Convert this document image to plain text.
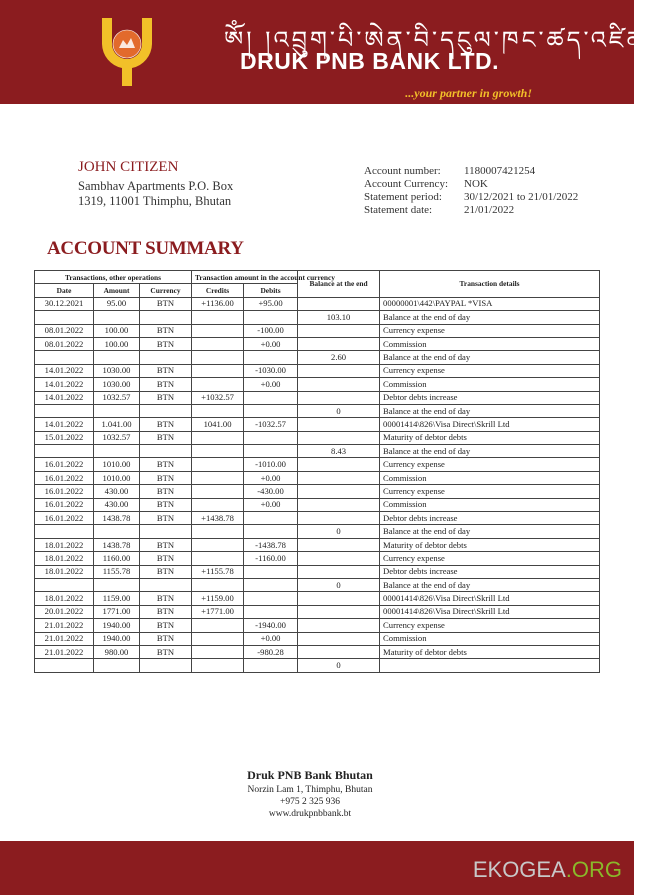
ཨོཾ། །འབྲུག་པི་ཨེན་བི་དངུལ་ཁང་ཚད་འཛིན།
DRUK PNB BANK LTD.
...your partner in growth!
JOHN CITIZEN
Sambhav Apartments P.O. Box
1319, 11001 Thimphu, Bhutan
Account number: 1180007421254
Account Currency: NOK
Statement period: 30/12/2021 to 21/01/2022
Statement date:	21/01/2022
ACCOUNT SUMMARY
Transactions, other operations			Transaction amount in the account currency		Balance at the end	Transaction details
Date	Amount	Currency	Credits	Debits		
30.12.2021	95.00	BTN	+1136.00	+95.00		00000001\442\PAYPAL *VISA
					103.10	Balance at the end of day
08.01.2022	100.00	BTN		-100.00		Currency expense
08.01.2022	100.00	BTN		+0.00		Commission
					2.60	Balance at the end of day
14.01.2022	1030.00	BTN		-1030.00		Currency expense
14.01.2022	1030.00	BTN		+0.00		Commission
14.01.2022	1032.57	BTN	+1032.57			Debtor debts increase
					0	Balance at the end of day
14.01.2022	1.041.00	BTN	1041.00	-1032.57		00001414\826\Visa Direct\Skrill Ltd
15.01.2022	1032.57	BTN				Maturity of debtor debts
					8.43	Balance at the end of day
16.01.2022	1010.00	BTN		-1010.00		Currency expense
16.01.2022	1010.00	BTN		+0.00		Commission
16.01.2022	430.00	BTN		-430.00		Currency expense
16.01.2022	430.00	BTN		+0.00		Commission
16.01.2022	1438.78	BTN	+1438.78			Debtor debts increase
					0	Balance at the end of day
18.01.2022	1438.78	BTN		-1438.78		Maturity of debtor debts
18.01.2022	1160.00	BTN		-1160.00		Currency expense
18.01.2022	1155.78	BTN	+1155.78			Debtor debts increase
					0	Balance at the end of day
18.01.2022	1159.00	BTN	+1159.00			00001414\826\Visa Direct\Skrill Ltd
20.01.2022	1771.00	BTN	+1771.00			00001414\826\Visa Direct\Skrill Ltd
21.01.2022	1940.00	BTN		-1940.00		Currency expense
21.01.2022	1940.00	BTN		+0.00		Commission
21.01.2022	980.00	BTN		-980.28		Maturity of debtor debts
					0	
Druk PNB Bank Bhutan
Norzin Lam 1, Thimphu, Bhutan
+975 2 325 936
www.drukpnbbank.bt
EKOGEA.ORG
